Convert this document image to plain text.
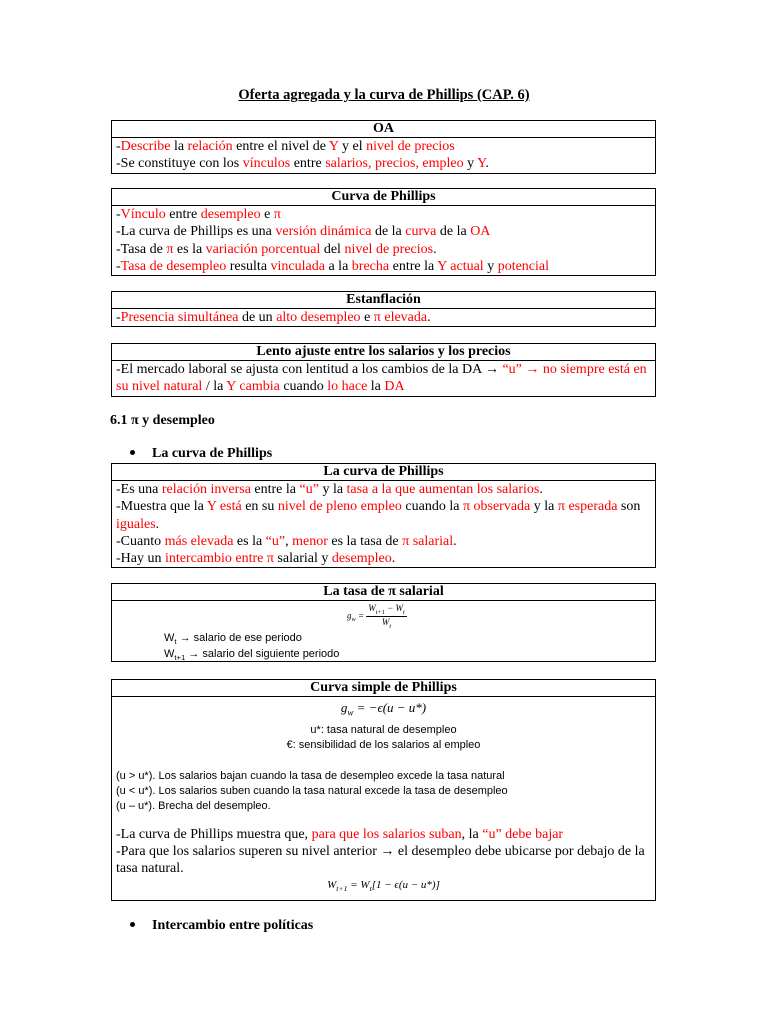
Oferta agregada y la curva de Phillips (CAP. 6)
OA
-Describe la relación entre el nivel de Y y el nivel de precios
-Se constituye con los vínculos entre salarios, precios, empleo y Y.
Curva de Phillips
-Vínculo entre desempleo e π
-La curva de Phillips es una versión dinámica de la curva de la OA
-Tasa de π es la variación porcentual del nivel de precios.
-Tasa de desempleo resulta vinculada a la brecha entre la Y actual y potencial
Estanflación
-Presencia simultánea de un alto desempleo e π elevada.
Lento ajuste entre los salarios y los precios
-El mercado laboral se ajusta con lentitud a los cambios de la DA → “u” → no siempre está en su nivel natural / la Y cambia cuando lo hace la DA
6.1 π y desempleo
La curva de Phillips
La curva de Phillips
-Es una relación inversa entre la “u” y la tasa a la que aumentan los salarios.
-Muestra que la Y está en su nivel de pleno empleo cuando la π observada y la π esperada son iguales.
-Cuanto más elevada es la “u”, menor es la tasa de π salarial.
-Hay un intercambio entre π salarial y desempleo.
La tasa de π salarial
$g_w = \frac{W_{t+1} - W_t}{W_t}$
$W_t$ → salario de ese periodo
$W_{t+1}$ → salario del siguiente periodo
Curva simple de Phillips
$g_w = -\epsilon(u - u*)$
u*: tasa natural de desempleo
€: sensibilidad de los salarios al empleo
(u > u*). Los salarios bajan cuando la tasa de desempleo excede la tasa natural
(u < u*). Los salarios suben cuando la tasa natural excede la tasa de desempleo
(u – u*). Brecha del desempleo.
-La curva de Phillips muestra que, para que los salarios suban, la “u” debe bajar
-Para que los salarios superen su nivel anterior → el desempleo debe ubicarse por debajo de la tasa natural.
$W_{t+1} = W_t[1 - \epsilon(u - u*)]$
Intercambio entre políticas
